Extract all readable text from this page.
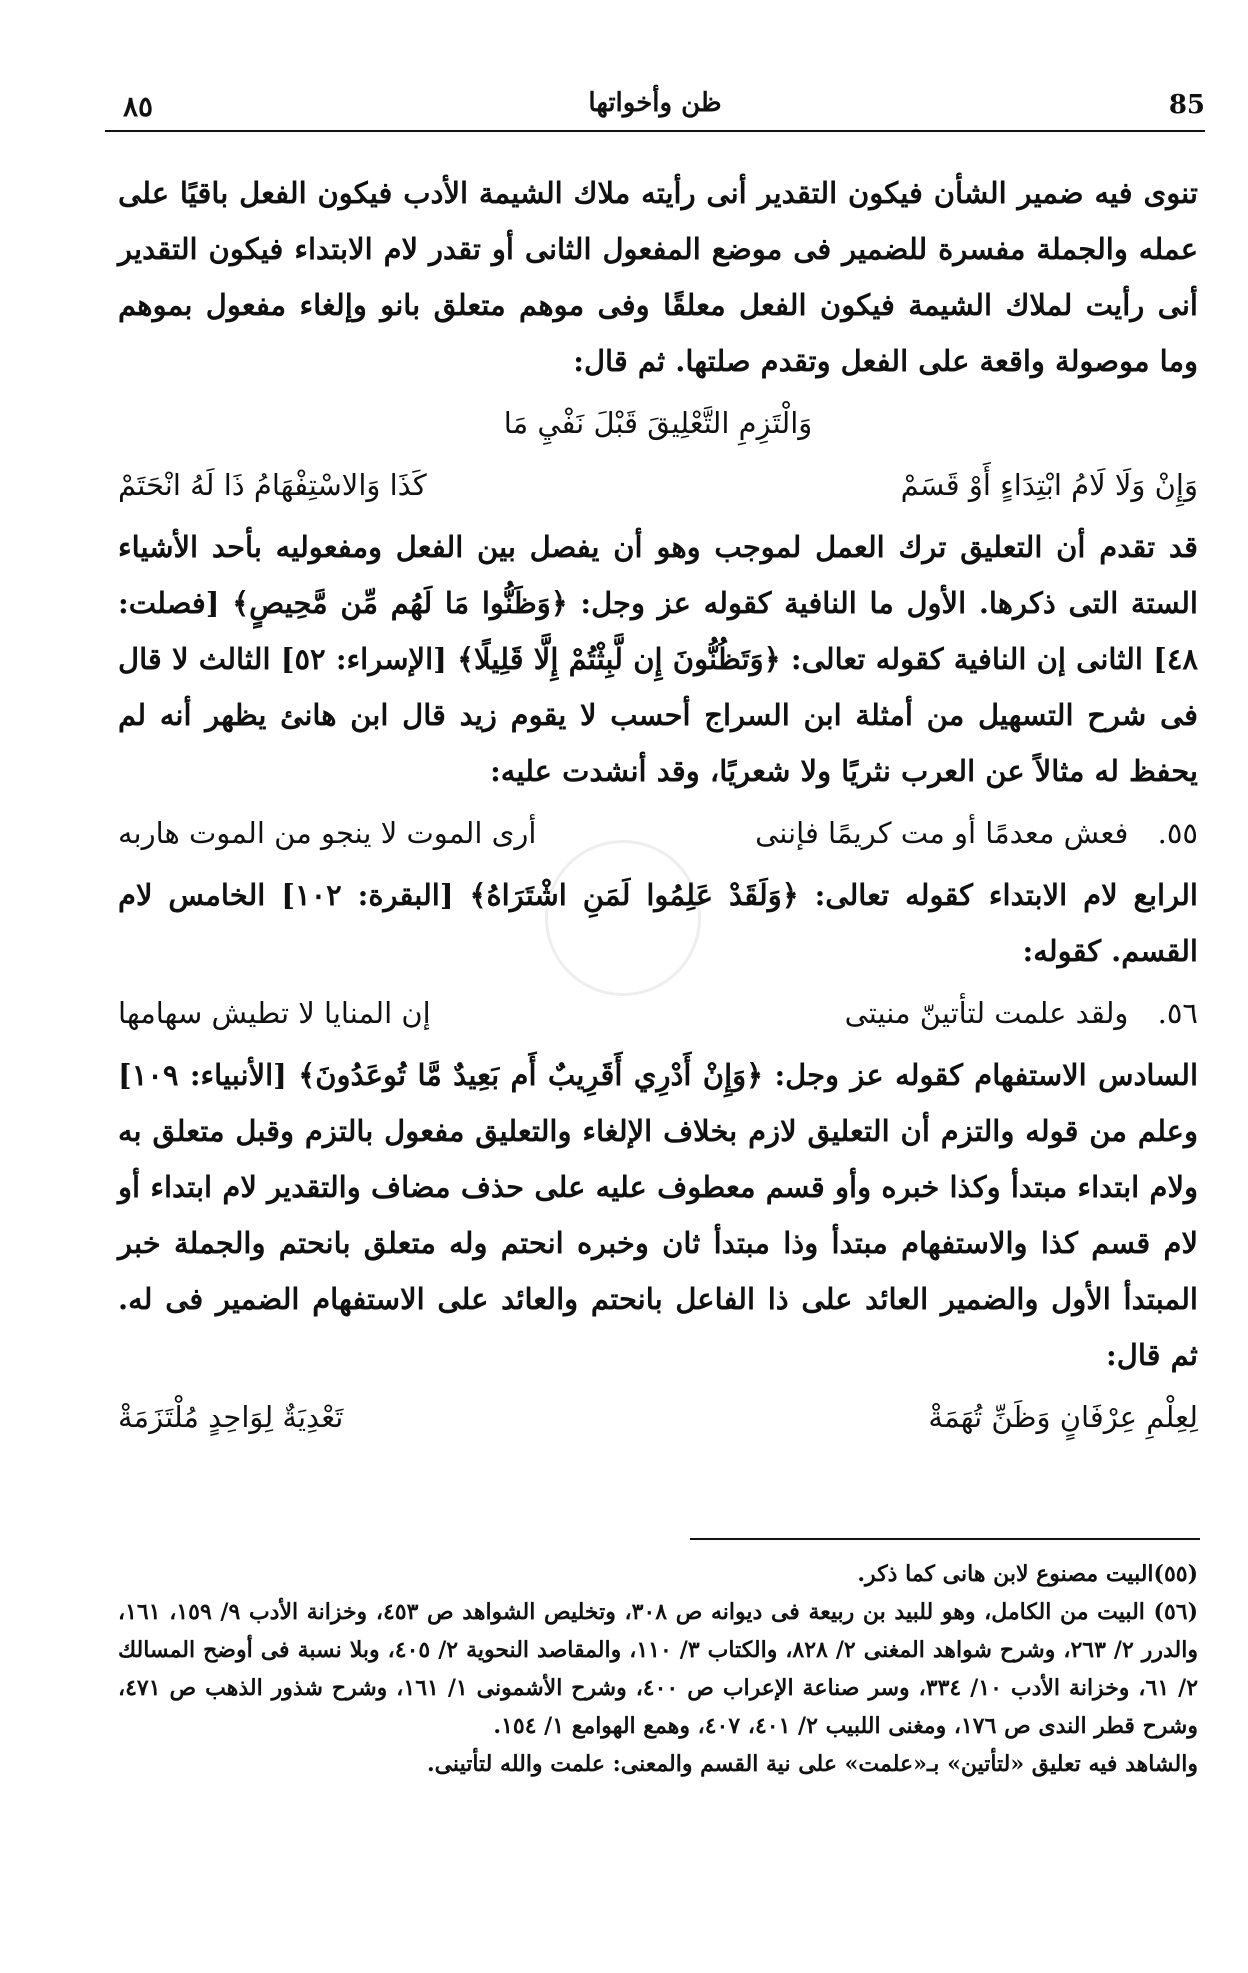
85
ظن وأخواتها
٨٥

تنوى فيه ضمير الشأن فيكون التقدير أنى رأيته ملاك الشيمة الأدب فيكون الفعل باقيًا على عمله والجملة مفسرة للضمير فى موضع المفعول الثانى أو تقدر لام الابتداء فيكون التقدير أنى رأيت لملاك الشيمة فيكون الفعل معلقًا وفى موهم متعلق بانو وإلغاء مفعول بموهم وما موصولة واقعة على الفعل وتقدم صلتها. ثم قال:

وَالْتَزِمِ التَّعْلِيقَ قَبْلَ نَفْيِ مَا
وَإِنْ وَلَا لَامُ ابْتِدَاءٍ أَوْ قَسَمْ
كَذَا وَالاسْتِفْهَامُ ذَا لَهُ انْحَتَمْ

قد تقدم أن التعليق ترك العمل لموجب وهو أن يفصل بين الفعل ومفعوليه بأحد الأشياء الستة التى ذكرها. الأول ما النافية كقوله عز وجل: ﴿وَظَنُّوا مَا لَهُم مِّن مَّحِيصٍ﴾ [فصلت: ٤٨] الثانى إن النافية كقوله تعالى: ﴿وَتَظُنُّونَ إِن لَّبِثْتُمْ إِلَّا قَلِيلًا﴾ [الإسراء: ٥٢] الثالث لا قال فى شرح التسهيل من أمثلة ابن السراج أحسب لا يقوم زيد قال ابن هانئ يظهر أنه لم يحفظ له مثالاً عن العرب نثريًا ولا شعريًا، وقد أنشدت عليه:

٥٥. فعش معدمًا أو مت كريمًا فإننى
أرى الموت لا ينجو من الموت هاربه

الرابع لام الابتداء كقوله تعالى: ﴿وَلَقَدْ عَلِمُوا لَمَنِ اشْتَرَاهُ﴾ [البقرة: ١٠٢] الخامس لام القسم. كقوله:

٥٦. ولقد علمت لتأتينّ منيتى
إن المنايا لا تطيش سهامها

السادس الاستفهام كقوله عز وجل: ﴿وَإِنْ أَدْرِي أَقَرِيبٌ أَم بَعِيدٌ مَّا تُوعَدُونَ﴾ [الأنبياء: ١٠٩] وعلم من قوله والتزم أن التعليق لازم بخلاف الإلغاء والتعليق مفعول بالتزم وقبل متعلق به ولام ابتداء مبتدأ وكذا خبره وأو قسم معطوف عليه على حذف مضاف والتقدير لام ابتداء أو لام قسم كذا والاستفهام مبتدأ وذا مبتدأ ثان وخبره انحتم وله متعلق بانحتم والجملة خبر المبتدأ الأول والضمير العائد على ذا الفاعل بانحتم والعائد على الاستفهام الضمير فى له. ثم قال:

لِعِلْمِ عِرْفَانٍ وَظَنِّ تُهَمَةْ
تَعْدِيَةٌ لِوَاحِدٍ مُلْتَزَمَةْ

(٥٥)البيت مصنوع لابن هانى كما ذكر.

(٥٦) البيت من الكامل، وهو للبيد بن ربيعة فى ديوانه ص ٣٠٨، وتخليص الشواهد ص ٤٥٣، وخزانة الأدب ٩/ ١٥٩، ١٦١، والدرر ٢/ ٢٦٣، وشرح شواهد المغنى ٢/ ٨٢٨، والكتاب ٣/ ١١٠، والمقاصد النحوية ٢/ ٤٠٥، وبلا نسبة فى أوضح المسالك ٢/ ٦١، وخزانة الأدب ١٠/ ٣٣٤، وسر صناعة الإعراب ص ٤٠٠، وشرح الأشمونى ١/ ١٦١، وشرح شذور الذهب ص ٤٧١، وشرح قطر الندى ص ١٧٦، ومغنى اللبيب ٢/ ٤٠١، ٤٠٧، وهمع الهوامع ١/ ١٥٤.

والشاهد فيه تعليق «لتأتين» بـ«علمت» على نية القسم والمعنى: علمت والله لتأتينى.
